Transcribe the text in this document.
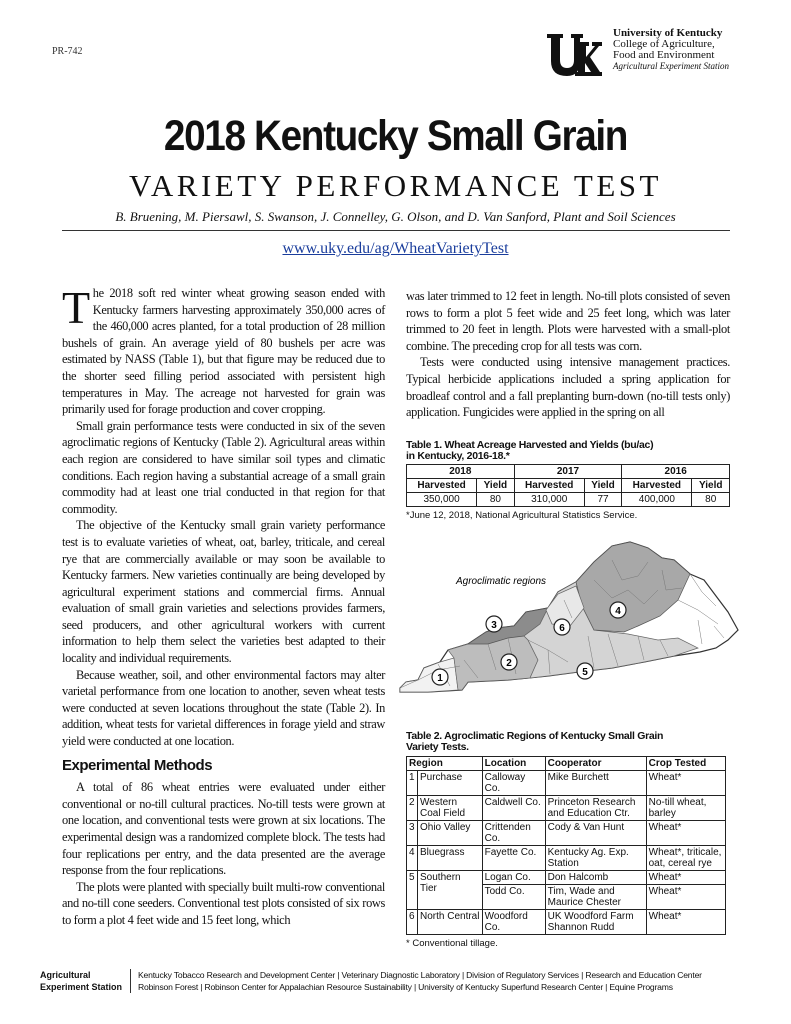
PR-742
University of Kentucky
College of Agriculture,
Food and Environment
Agricultural Experiment Station
2018 Kentucky Small Grain
VARIETY PERFORMANCE TEST
B. Bruening, M. Piersawl, S. Swanson, J. Connelley, G. Olson, and D. Van Sanford, Plant and Soil Sciences
www.uky.edu/ag/WheatVarietyTest

The 2018 soft red winter wheat growing season ended with Kentucky farmers harvesting approximately 350,000 acres of the 460,000 acres planted, for a total production of 28 million bushels of grain. An average yield of 80 bushels per acre was estimated by NASS (Table 1), but that figure may be reduced due to the shorter seed filling period associated with persistent high temperatures in May. The acreage not harvested for grain was primarily used for forage production and cover cropping.

Small grain performance tests were conducted in six of the seven agroclimatic regions of Kentucky (Table 2). Agricultural areas within each region are considered to have similar soil types and climatic conditions. Each region having a substantial acreage of a small grain commodity had at least one trial conducted in that region for that commodity.

The objective of the Kentucky small grain variety performance test is to evaluate varieties of wheat, oat, barley, triticale, and cereal rye that are commercially available or may soon be available to Kentucky farmers. New varieties continually are being developed by agricultural experiment stations and commercial firms. Annual evaluation of small grain varieties and selections provides farmers, seed producers, and other agricultural workers with current information to help them select the varieties best adapted to their locality and individual requirements.

Because weather, soil, and other environmental factors may alter varietal performance from one location to another, seven wheat tests were conducted at seven locations throughout the state (Table 2). In addition, wheat tests for varietal differences in forage yield and straw yield were conducted at one location.

Experimental Methods

A total of 86 wheat entries were evaluated under either conventional or no-till cultural practices. No-till tests were grown at one location, and conventional tests were grown at six locations. The experimental design was a randomized complete block. The tests had four replications per entry, and the data presented are the average response from the four replications.

The plots were planted with specially built multi-row conventional and no-till cone seeders. Conventional test plots consisted of six rows to form a plot 4 feet wide and 15 feet long, which

was later trimmed to 12 feet in length. No-till plots consisted of seven rows to form a plot 5 feet wide and 25 feet long, which was later trimmed to 20 feet in length. Plots were harvested with a small-plot combine. The preceding crop for all tests was corn.

Tests were conducted using intensive management practices. Typical herbicide applications included a spring application for broadleaf control and a fall preplanting burn-down (no-till tests only) application. Fungicides were applied in the spring on all

Table 1. Wheat Acreage Harvested and Yields (bu/ac)
in Kentucky, 2016-18.*
2018		2017		2016	
Harvested	Yield	Harvested	Yield	Harvested	Yield
350,000	80	310,000	77	400,000	80
*June 12, 2018, National Agricultural Statistics Service.
Agroclimatic regions
1
2
3
4
5
6
Table 2. Agroclimatic Regions of Kentucky Small Grain
Variety Tests.
Region		Location	Cooperator	Crop Tested
1	Purchase	Calloway Co.	Mike Burchett	Wheat*
2	Western Coal Field	Caldwell Co.	Princeton Research and Education Ctr.	No-till wheat, barley
3	Ohio Valley	Crittenden Co.	Cody & Van Hunt	Wheat*
4	Bluegrass	Fayette Co.	Kentucky Ag. Exp. Station	Wheat*, triticale, oat, cereal rye
5	Southern Tier	Logan Co.	Don Halcomb	Wheat*
		Todd Co.	Tim, Wade and Maurice Chester	Wheat*
6	North Central	Woodford Co.	UK Woodford Farm Shannon Rudd	Wheat*
* Conventional tillage.
Agricultural
Experiment Station
Kentucky Tobacco Research and Development Center | Veterinary Diagnostic Laboratory | Division of Regulatory Services | Research and Education Center
Robinson Forest | Robinson Center for Appalachian Resource Sustainability | University of Kentucky Superfund Research Center | Equine Programs
